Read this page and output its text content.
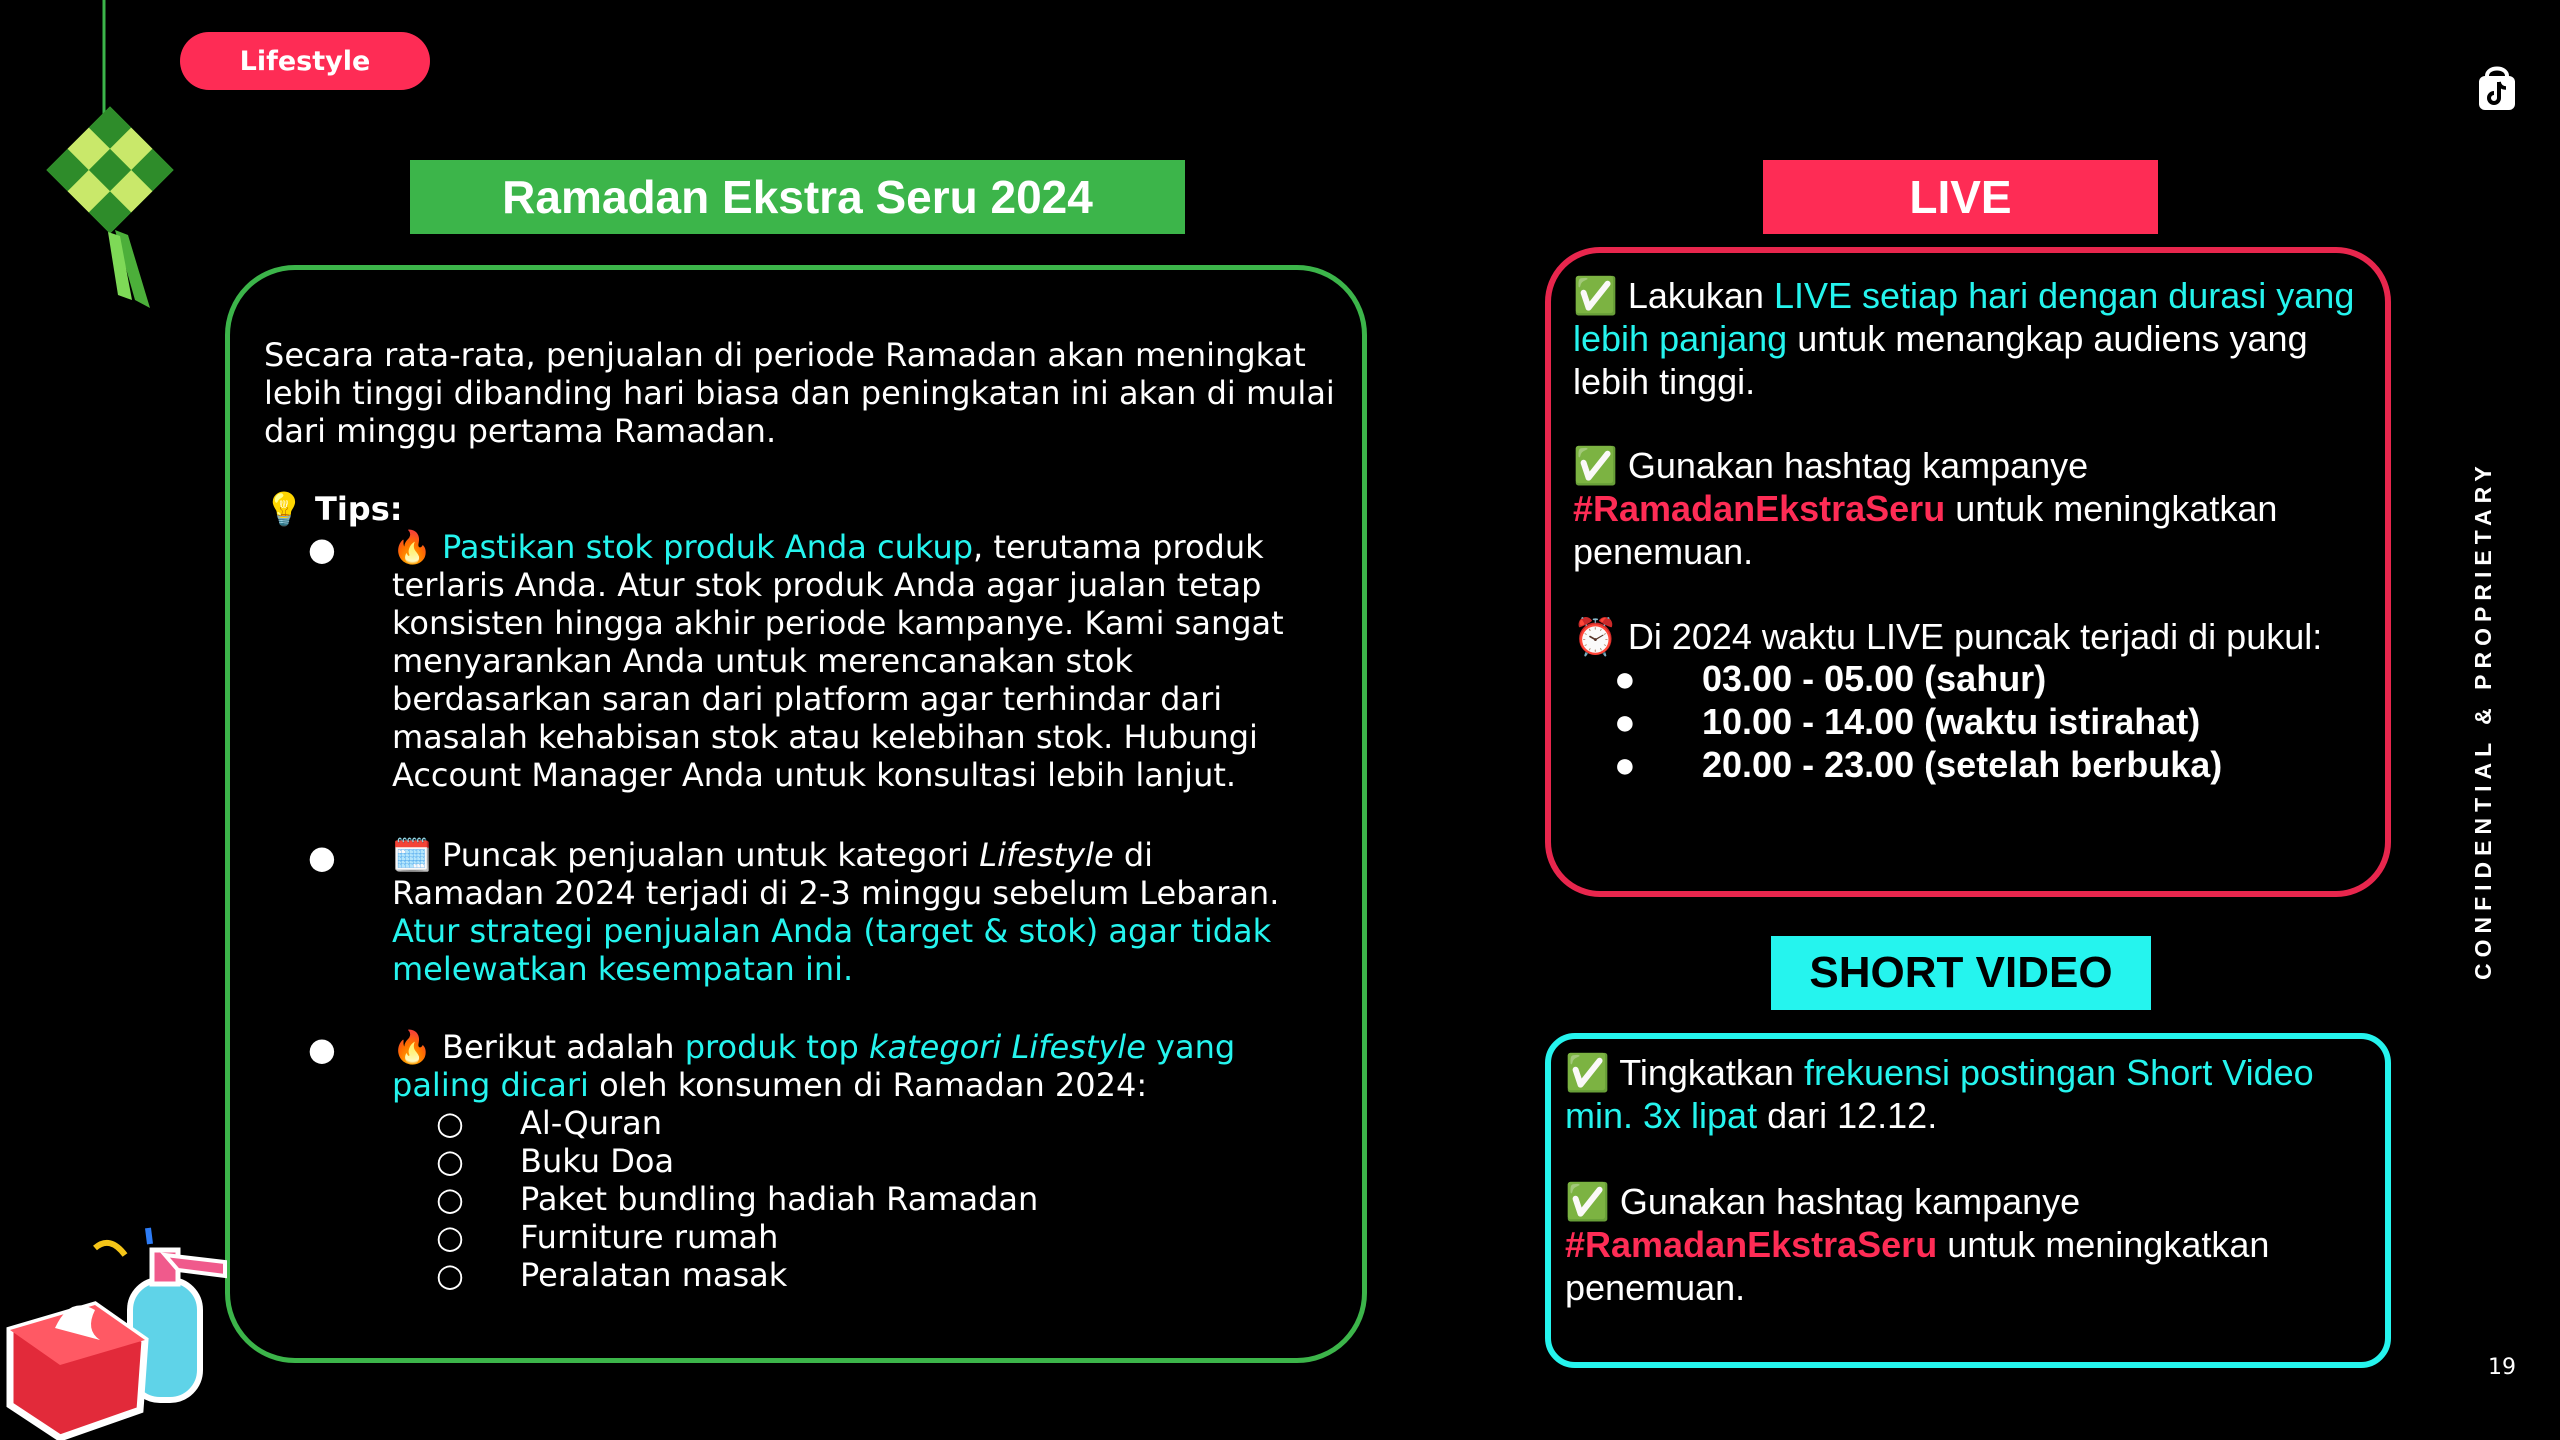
Lifestyle
Ramadan Ekstra Seru 2024
Secara rata-rata, penjualan di periode Ramadan akan meningkat lebih tinggi dibanding hari biasa dan peningkatan ini akan di mulai dari minggu pertama Ramadan.
💡 Tips:
● 🔥 Pastikan stok produk Anda cukup, terutama produk terlaris Anda. Atur stok produk Anda agar jualan tetap konsisten hingga akhir periode kampanye. Kami sangat menyarankan Anda untuk merencanakan stok berdasarkan saran dari platform agar terhindar dari masalah kehabisan stok atau kelebihan stok. Hubungi Account Manager Anda untuk konsultasi lebih lanjut.
● 🗓️ Puncak penjualan untuk kategori Lifestyle di Ramadan 2024 terjadi di 2-3 minggu sebelum Lebaran. Atur strategi penjualan Anda (target & stok) agar tidak melewatkan kesempatan ini.
● 🔥 Berikut adalah produk top kategori Lifestyle yang paling dicari oleh konsumen di Ramadan 2024:
○ Al-Quran
○ Buku Doa
○ Paket bundling hadiah Ramadan
○ Furniture rumah
○ Peralatan masak
LIVE
✅ Lakukan LIVE setiap hari dengan durasi yang lebih panjang untuk menangkap audiens yang lebih tinggi.
✅ Gunakan hashtag kampanye #RamadanEkstraSeru untuk meningkatkan penemuan.
⏰ Di 2024 waktu LIVE puncak terjadi di pukul:
● 03.00 - 05.00 (sahur)
● 10.00 - 14.00 (waktu istirahat)
● 20.00 - 23.00 (setelah berbuka)
SHORT VIDEO
✅ Tingkatkan frekuensi postingan Short Video min. 3x lipat dari 12.12.
✅ Gunakan hashtag kampanye #RamadanEkstraSeru untuk meningkatkan penemuan.
CONFIDENTIAL & PROPRIETARY
19
